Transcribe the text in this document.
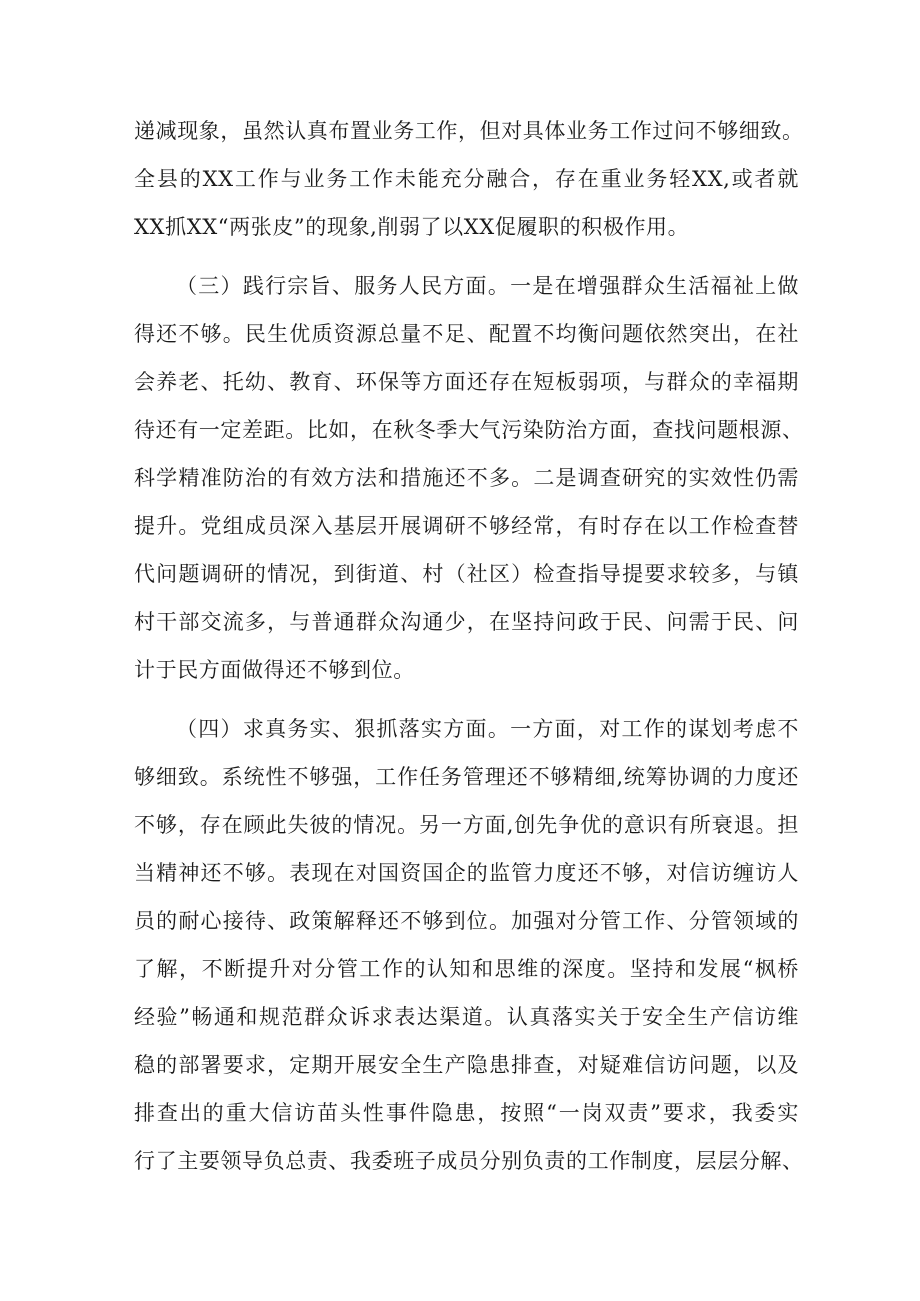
递减现象，虽然认真布置业务工作，但对具体业务工作过问不够细致。
全县的XX工作与业务工作未能充分融合，存在重业务轻XX,或者就
XX抓XX“两张皮”的现象,削弱了以XX促履职的积极作用。
（三）践行宗旨、服务人民方面。一是在增强群众生活福祉上做
得还不够。民生优质资源总量不足、配置不均衡问题依然突出，在社
会养老、托幼、教育、环保等方面还存在短板弱项，与群众的幸福期
待还有一定差距。比如，在秋冬季大气污染防治方面，查找问题根源、
科学精准防治的有效方法和措施还不多。二是调查研究的实效性仍需
提升。党组成员深入基层开展调研不够经常，有时存在以工作检查替
代问题调研的情况，到街道、村（社区）检查指导提要求较多，与镇
村干部交流多，与普通群众沟通少，在坚持问政于民、问需于民、问
计于民方面做得还不够到位。
（四）求真务实、狠抓落实方面。一方面，对工作的谋划考虑不
够细致。系统性不够强，工作任务管理还不够精细,统筹协调的力度还
不够，存在顾此失彼的情况。另一方面,创先争优的意识有所衰退。担
当精神还不够。表现在对国资国企的监管力度还不够，对信访缠访人
员的耐心接待、政策解释还不够到位。加强对分管工作、分管领域的
了解，不断提升对分管工作的认知和思维的深度。坚持和发展“枫桥
经验”畅通和规范群众诉求表达渠道。认真落实关于安全生产信访维
稳的部署要求，定期开展安全生产隐患排查，对疑难信访问题，以及
排查出的重大信访苗头性事件隐患，按照“一岗双责”要求，我委实
行了主要领导负总责、我委班子成员分别负责的工作制度，层层分解、
